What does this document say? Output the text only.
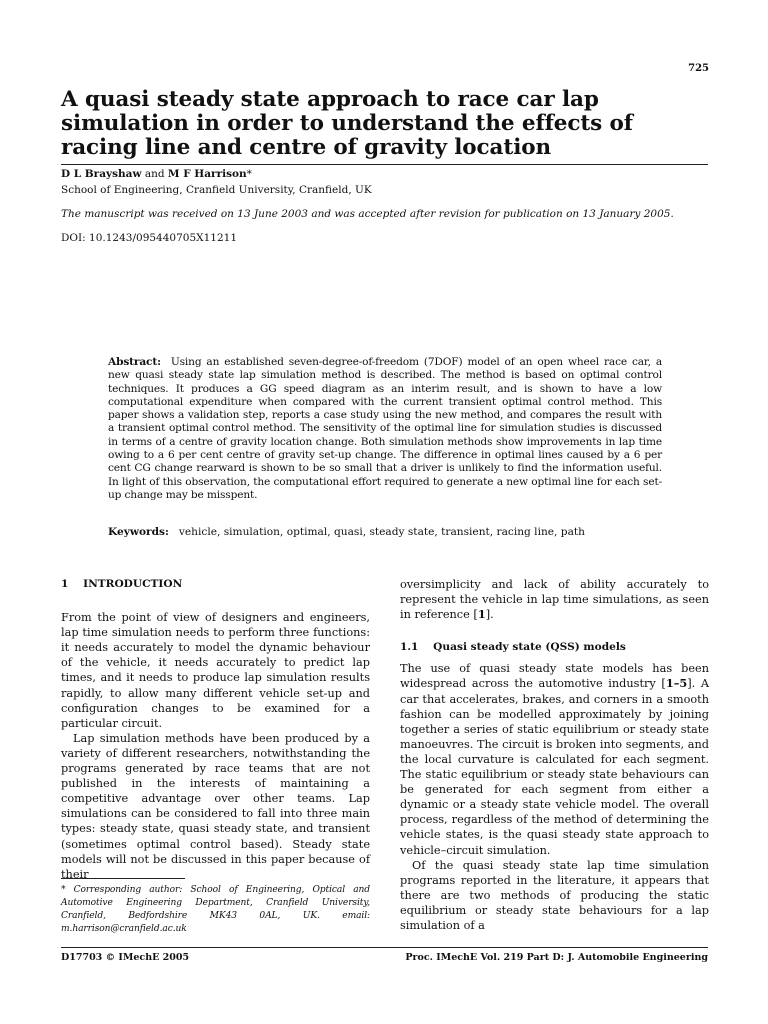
725
A quasi steady state approach to race car lap simulation in order to understand the effects of racing line and centre of gravity location
D L Brayshaw and M F Harrison*
School of Engineering, Cranfield University, Cranfield, UK
The manuscript was received on 13 June 2003 and was accepted after revision for publication on 13 January 2005.
DOI: 10.1243/095440705X11211

Abstract: Using an established seven-degree-of-freedom (7DOF) model of an open wheel race car, a new quasi steady state lap simulation method is described. The method is based on optimal control techniques. It produces a GG speed diagram as an interim result, and is shown to have a low computational expenditure when compared with the current transient optimal control method. This paper shows a validation step, reports a case study using the new method, and compares the result with a transient optimal control method. The sensitivity of the optimal line for simulation studies is discussed in terms of a centre of gravity location change. Both simulation methods show improvements in lap time owing to a 6 per cent centre of gravity set-up change. The difference in optimal lines caused by a 6 per cent CG change rearward is shown to be so small that a driver is unlikely to find the information useful. In light of this observation, the computational effort required to generate a new optimal line for each set-up change may be misspent.

Keywords: vehicle, simulation, optimal, quasi, steady state, transient, racing line, path
1    INTRODUCTION

From the point of view of designers and engineers, lap time simulation needs to perform three functions: it needs accurately to model the dynamic behaviour of the vehicle, it needs accurately to predict lap times, and it needs to produce lap simulation results rapidly, to allow many different vehicle set-up and configuration changes to be examined for a particular circuit.

Lap simulation methods have been produced by a variety of different researchers, notwithstanding the programs generated by race teams that are not published in the interests of maintaining a competitive advantage over other teams. Lap simulations can be considered to fall into three main types: steady state, quasi steady state, and transient (sometimes optimal control based). Steady state models will not be discussed in this paper because of their

oversimplicity and lack of ability accurately to represent the vehicle in lap time simulations, as seen in reference [1].

1.1    Quasi steady state (QSS) models

The use of quasi steady state models has been widespread across the automotive industry [1–5]. A car that accelerates, brakes, and corners in a smooth fashion can be modelled approximately by joining together a series of static equilibrium or steady state manoeuvres. The circuit is broken into segments, and the local curvature is calculated for each segment. The static equilibrium or steady state behaviours can be generated for each segment from either a dynamic or a steady state vehicle model. The overall process, regardless of the method of determining the vehicle states, is the quasi steady state approach to vehicle–circuit simulation.

Of the quasi steady state lap time simulation programs reported in the literature, it appears that there are two methods of producing the static equilibrium or steady state behaviours for a lap simulation of a

* Corresponding author: School of Engineering, Optical and Automotive Engineering Department, Cranfield University, Cranfield, Bedfordshire MK43 0AL, UK. email: m.harrison@cranfield.ac.uk
D17703 © IMechE 2005	Proc. IMechE Vol. 219 Part D: J. Automobile Engineering
